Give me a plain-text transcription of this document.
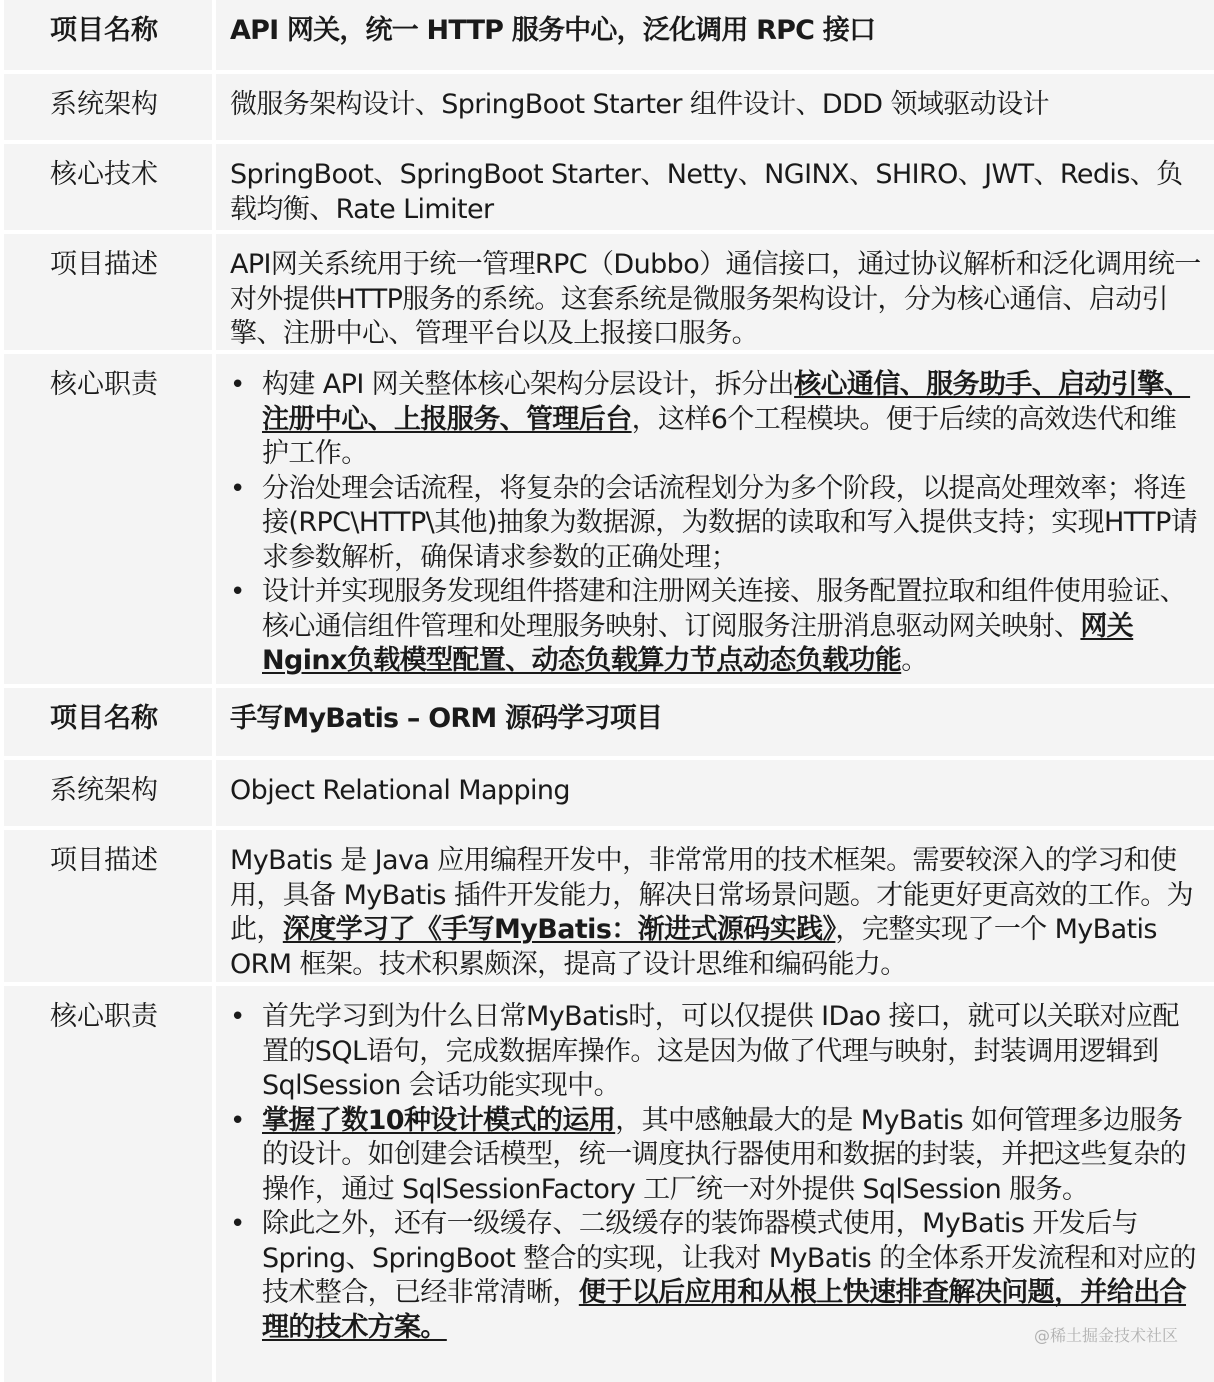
项目名称	API 网关，统一 HTTP 服务中心，泛化调用 RPC 接口
系统架构	微服务架构设计、SpringBoot Starter 组件设计、DDD 领域驱动设计
核心技术	SpringBoot、SpringBoot Starter、Netty、NGINX、SHIRO、JWT、Redis、负载均衡、Rate Limiter
项目描述	API网关系统用于统一管理RPC（Dubbo）通信接口，通过协议解析和泛化调用统一对外提供HTTP服务的系统。这套系统是微服务架构设计，分为核心通信、启动引擎、注册中心、管理平台以及上报接口服务。
核心职责	• 构建 API 网关整体核心架构分层设计，拆分出核心通信、服务助手、启动引擎、注册中心、上报服务、管理后台，这样6个工程模块。便于后续的高效迭代和维护工作。
• 分治处理会话流程，将复杂的会话流程划分为多个阶段，以提高处理效率；将连接(RPC\HTTP\其他)抽象为数据源，为数据的读取和写入提供支持；实现HTTP请求参数解析，确保请求参数的正确处理；
• 设计并实现服务发现组件搭建和注册网关连接、服务配置拉取和组件使用验证、核心通信组件管理和处理服务映射、订阅服务注册消息驱动网关映射、网关Nginx负载模型配置、动态负载算力节点动态负载功能。
项目名称	手写MyBatis – ORM 源码学习项目
系统架构	Object Relational Mapping
项目描述	MyBatis 是 Java 应用编程开发中，非常常用的技术框架。需要较深入的学习和使用，具备 MyBatis 插件开发能力，解决日常场景问题。才能更好更高效的工作。为此，深度学习了《手写MyBatis：渐进式源码实践》，完整实现了一个 MyBatis ORM 框架。技术积累颇深，提高了设计思维和编码能力。
核心职责	• 首先学习到为什么日常MyBatis时，可以仅提供 IDao 接口，就可以关联对应配置的SQL语句，完成数据库操作。这是因为做了代理与映射，封装调用逻辑到 SqlSession 会话功能实现中。
• 掌握了数10种设计模式的运用，其中感触最大的是 MyBatis 如何管理多边服务的设计。如创建会话模型，统一调度执行器使用和数据的封装，并把这些复杂的操作，通过 SqlSessionFactory 工厂统一对外提供 SqlSession 服务。
• 除此之外，还有一级缓存、二级缓存的装饰器模式使用，MyBatis 开发后与 Spring、SpringBoot 整合的实现，让我对 MyBatis 的全体系开发流程和对应的技术整合，已经非常清晰，便于以后应用和从根上快速排查解决问题，并给出合理的技术方案。	@稀土掘金技术社区
